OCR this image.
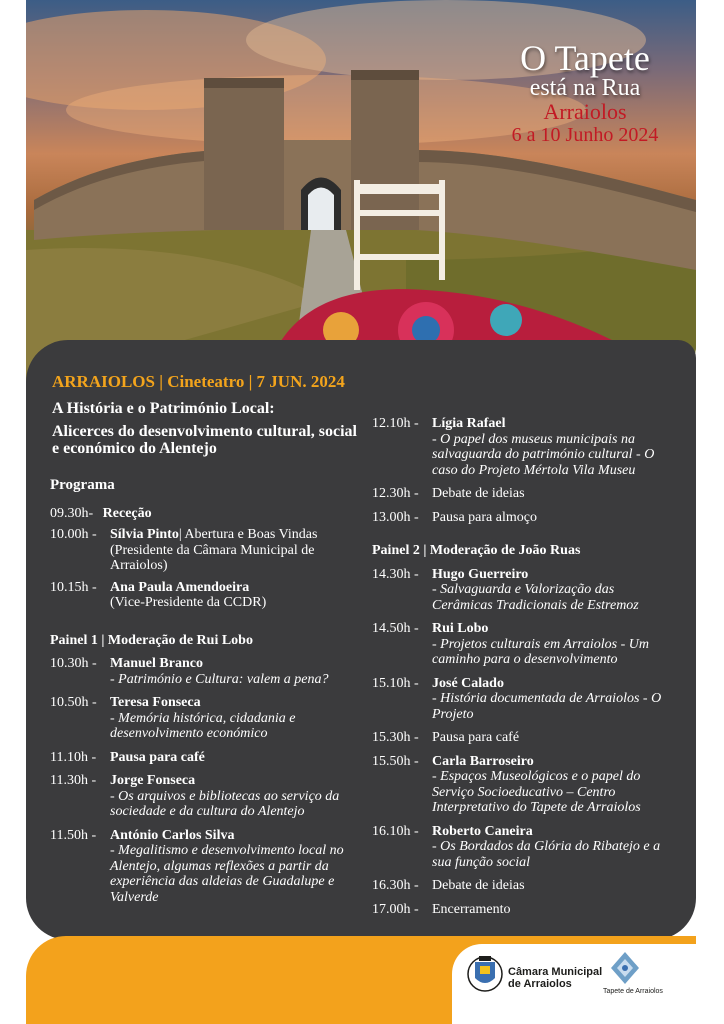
O Tapete
está na Rua
Arraiolos
6 a 10 Junho 2024
ARRAIOLOS | Cineteatro | 7 JUN. 2024
A História e o Património Local:
Alicerces do desenvolvimento cultural, social e económico do Alentejo
Programa
09.30h- Receção
10.00h - Sílvia Pinto| Abertura e Boas Vindas (Presidente da Câmara Municipal de Arraiolos)
10.15h - Ana Paula Amendoeira
(Vice-Presidente da CCDR)
Painel 1 | Moderação de Rui Lobo
10.30h - Manuel Branco
- Património e Cultura: valem a pena?
10.50h - Teresa Fonseca
- Memória histórica, cidadania e desenvolvimento económico
11.10h - Pausa para café
11.30h - Jorge Fonseca
- Os arquivos e bibliotecas ao serviço da sociedade e da cultura do Alentejo
11.50h - António Carlos Silva
- Megalitismo e desenvolvimento local no Alentejo, algumas reflexões a partir da experiência das aldeias de Guadalupe e Valverde
12.10h - Lígia Rafael
- O papel dos museus municipais na salvaguarda do património cultural - O caso do Projeto Mértola Vila Museu
12.30h - Debate de ideias
13.00h - Pausa para almoço
Painel 2 | Moderação de João Ruas
14.30h - Hugo Guerreiro
- Salvaguarda e Valorização das Cerâmicas Tradicionais de Estremoz
14.50h - Rui Lobo
- Projetos culturais em Arraiolos - Um caminho para o desenvolvimento
15.10h - José Calado
- História documentada de Arraiolos - O Projeto
15.30h - Pausa para café
15.50h - Carla Barroseiro
- Espaços Museológicos e o papel do Serviço Socioeducativo – Centro Interpretativo do Tapete de Arraiolos
16.10h - Roberto Caneira
- Os Bordados da Glória do Ribatejo e a sua função social
16.30h - Debate de ideias
17.00h - Encerramento
Câmara Municipal
de Arraiolos
Tapete de Arraiolos
